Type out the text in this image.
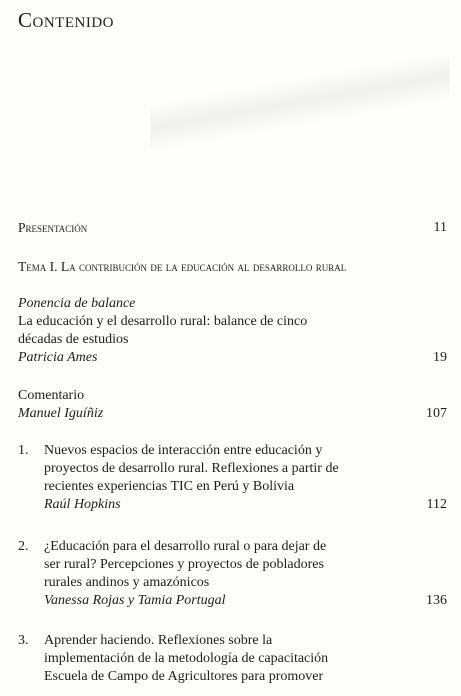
Contenido
Presentación	11
Tema I. La contribución de la educación al desarrollo rural
Ponencia de balance
La educación y el desarrollo rural: balance de cinco
décadas de estudios
Patricia Ames	19
Comentario
Manuel Iguíñiz	107
1. Nuevos espacios de interacción entre educación y
proyectos de desarrollo rural. Reflexiones a partir de
recientes experiencias TIC en Perú y Bolivia
Raúl Hopkins	112
2. ¿Educación para el desarrollo rural o para dejar de
ser rural? Percepciones y proyectos de pobladores
rurales andinos y amazónicos
Vanessa Rojas y Tamia Portugal	136
3. Aprender haciendo. Reflexiones sobre la
implementación de la metodología de capacitación
Escuela de Campo de Agricultores para promover
